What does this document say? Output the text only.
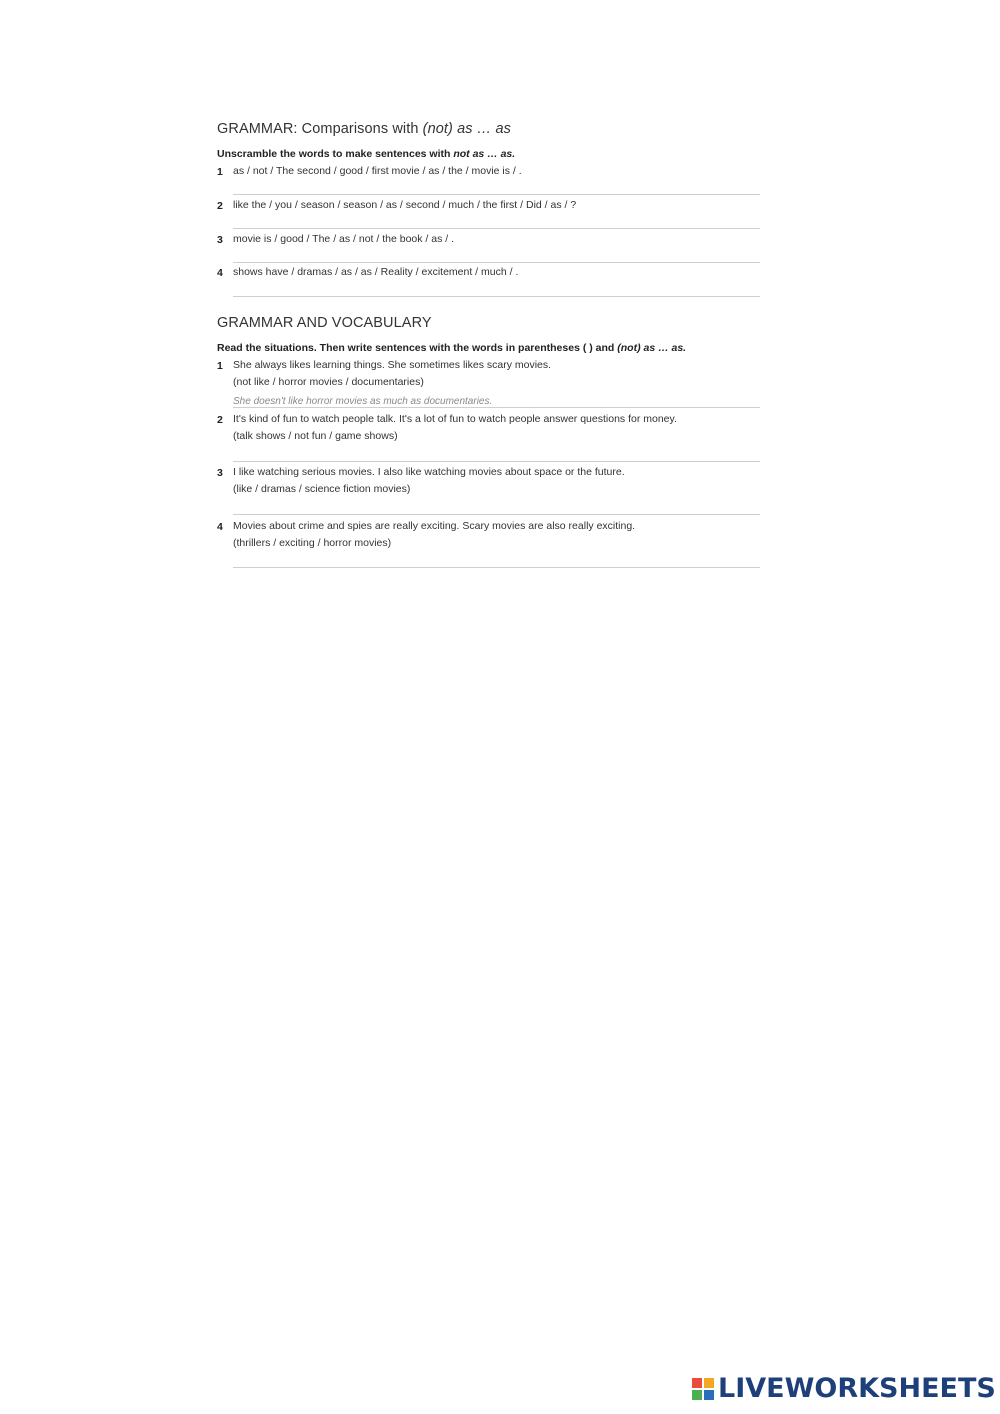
GRAMMAR: Comparisons with (not) as … as
Unscramble the words to make sentences with not as … as.
1 as / not / The second / good / first movie / as / the / movie is / .
2 like the / you / season / season / as / second / much / the first / Did / as / ?
3 movie is / good / The / as / not / the book / as / .
4 shows have / dramas / as / as / Reality / excitement / much / .
GRAMMAR AND VOCABULARY
Read the situations. Then write sentences with the words in parentheses ( ) and (not) as … as.
1 She always likes learning things. She sometimes likes scary movies.
(not like / horror movies / documentaries)
She doesn't like horror movies as much as documentaries.
2 It's kind of fun to watch people talk. It's a lot of fun to watch people answer questions for money.
(talk shows / not fun / game shows)
3 I like watching serious movies. I also like watching movies about space or the future.
(like / dramas / science fiction movies)
4 Movies about crime and spies are really exciting. Scary movies are also really exciting.
(thrillers / exciting / horror movies)
LIVEWORKSHEETS
